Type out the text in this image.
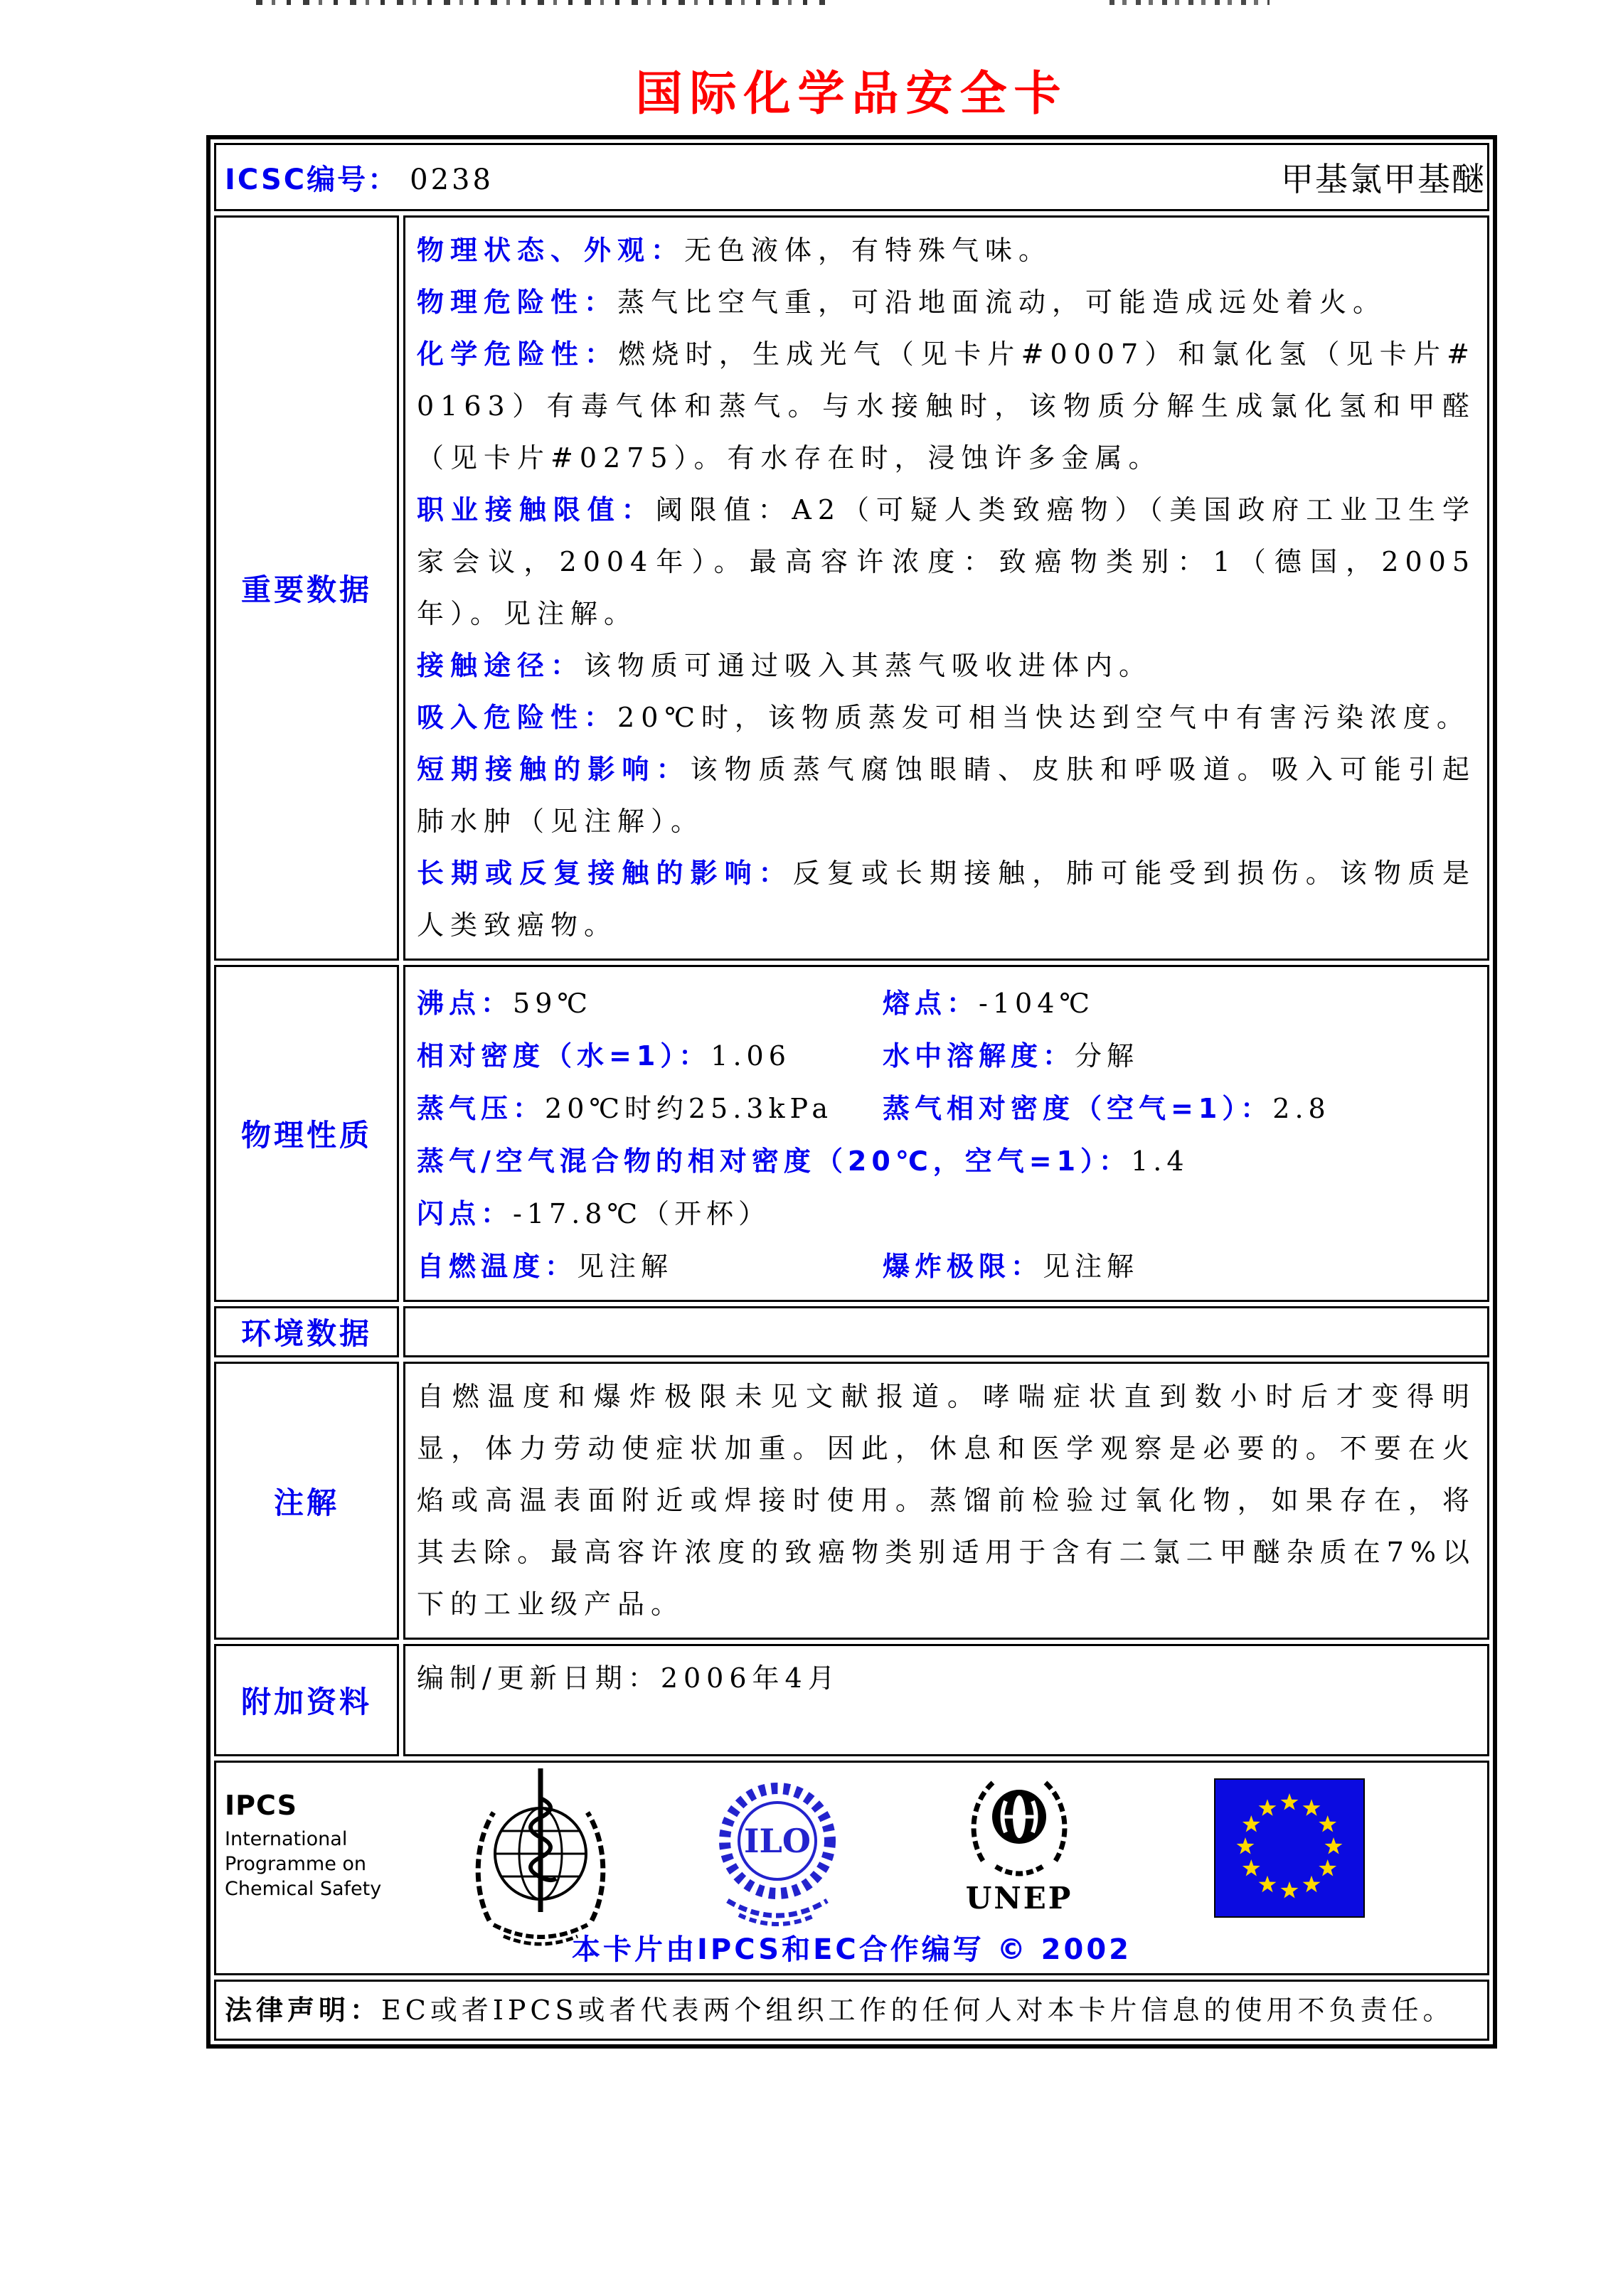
国际化学品安全卡
ICSC编号： 0238	甲基氯甲基醚
重要数据
物理状态、外观：无色液体，有特殊气味。
物理危险性：蒸气比空气重，可沿地面流动，可能造成远处着火。
化学危险性：燃烧时，生成光气（见卡片#0007）和氯化氢（见卡片#0163）有毒气体和蒸气。与水接触时，该物质分解生成氯化氢和甲醛（见卡片#0275）。有水存在时，浸蚀许多金属。
职业接触限值：阈限值：A2（可疑人类致癌物）（美国政府工业卫生学家会议，2004年）。最高容许浓度：致癌物类别：1（德国，2005年）。见注解。
接触途径：该物质可通过吸入其蒸气吸收进体内。
吸入危险性：20℃时，该物质蒸发可相当快达到空气中有害污染浓度。
短期接触的影响：该物质蒸气腐蚀眼睛、皮肤和呼吸道。吸入可能引起肺水肿（见注解）。
长期或反复接触的影响：反复或长期接触，肺可能受到损伤。该物质是人类致癌物。
物理性质
沸点：59℃	熔点：-104℃
相对密度（水=1）：1.06	水中溶解度：分解
蒸气压：20℃时约25.3kPa 蒸气相对密度（空气=1）：2.8
蒸气/空气混合物的相对密度（20℃，空气=1）：1.4
闪点：-17.8℃（开杯）
自燃温度：见注解	爆炸极限：见注解
环境数据
注解
自燃温度和爆炸极限未见文献报道。哮喘症状直到数小时后才变得明显，体力劳动使症状加重。因此，休息和医学观察是必要的。不要在火焰或高温表面附近或焊接时使用。蒸馏前检验过氧化物，如果存在，将其去除。最高容许浓度的致癌物类别适用于含有二氯二甲醚杂质在7%以下的工业级产品。
附加资料
编制/更新日期：2006年4月
IPCS
International
Programme on
Chemical Safety
ILO
UNEP
本卡片由IPCS和EC合作编写 © 2002
法律声明：EC或者IPCS或者代表两个组织工作的任何人对本卡片信息的使用不负责任。
